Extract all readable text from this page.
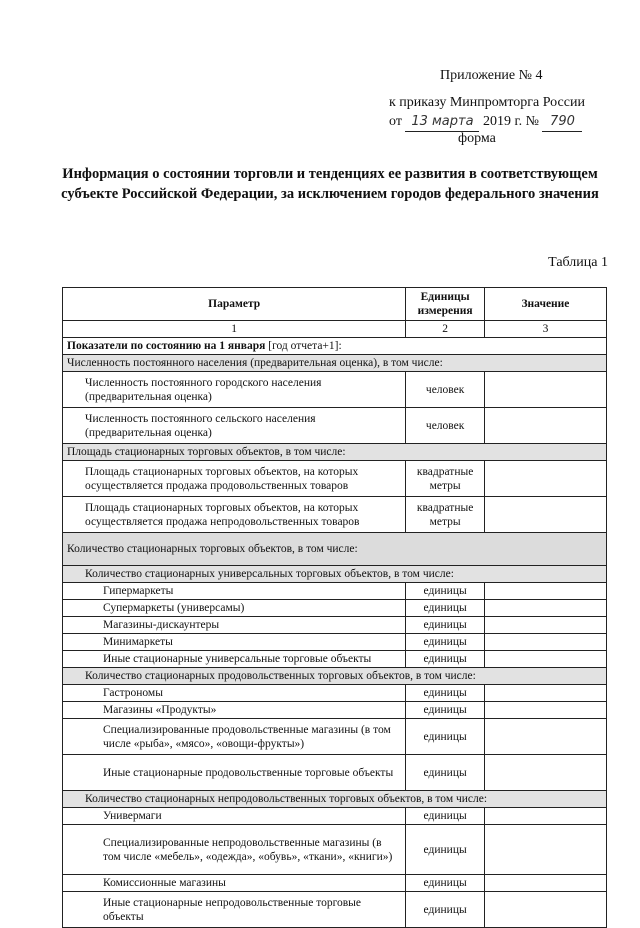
Приложение № 4
к приказу Минпромторга России
от 13 марта 2019 г. № 790
форма
Информация о состоянии торговли и тенденциях ее развития в соответствующем субъекте Российской Федерации, за исключением городов федерального значения
Таблица 1
Параметр	Единицы измерения	Значение
1	2	3
Показатели по состоянию на 1 января [год отчета+1]:		
Численность постоянного населения (предварительная оценка), в том числе:		
Численность постоянного городского населения (предварительная оценка)	человек	
Численность постоянного сельского населения (предварительная оценка)	человек	
Площадь стационарных торговых объектов, в том числе:		
Площадь стационарных торговых объектов, на которых осуществляется продажа продовольственных товаров	квадратные метры	
Площадь стационарных торговых объектов, на которых осуществляется продажа непродовольственных товаров	квадратные метры	
Количество стационарных торговых объектов, в том числе:		
Количество стационарных универсальных торговых объектов, в том числе:		
Гипермаркеты	единицы	
Супермаркеты (универсамы)	единицы	
Магазины-дискаунтеры	единицы	
Минимаркеты	единицы	
Иные стационарные универсальные торговые объекты	единицы	
Количество стационарных продовольственных торговых объектов, в том числе:		
Гастрономы	единицы	
Магазины «Продукты»	единицы	
Специализированные продовольственные магазины (в том числе «рыба», «мясо», «овощи-фрукты»)	единицы	
Иные стационарные продовольственные торговые объекты	единицы	
Количество стационарных непродовольственных торговых объектов, в том числе:		
Универмаги	единицы	
Специализированные непродовольственные магазины (в том числе «мебель», «одежда», «обувь», «ткани», «книги»)	единицы	
Комиссионные магазины	единицы	
Иные стационарные непродовольственные торговые объекты	единицы	
